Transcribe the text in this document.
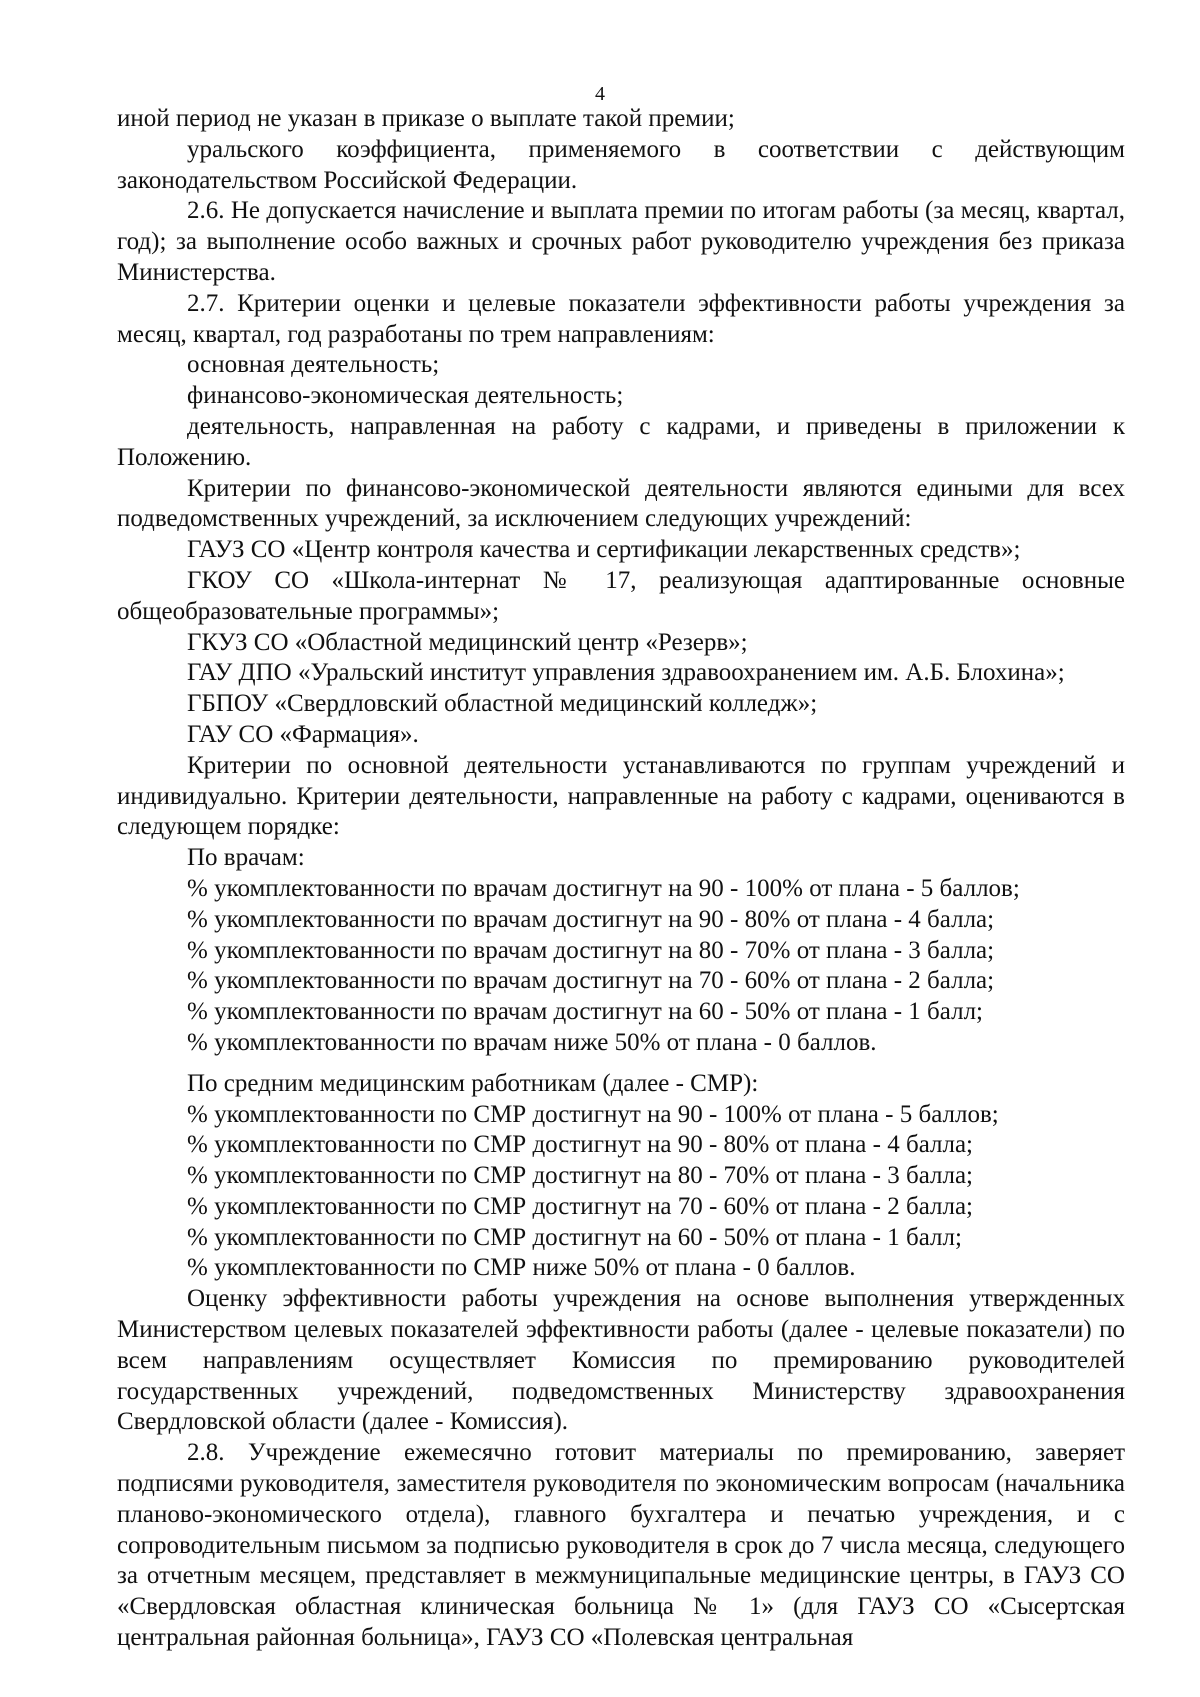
4

иной период не указан в приказе о выплате такой премии;

уральского коэффициента, применяемого в соответствии с действующим законодательством Российской Федерации.

2.6. Не допускается начисление и выплата премии по итогам работы (за месяц, квартал, год); за выполнение особо важных и срочных работ руководителю учреждения без приказа Министерства.

2.7. Критерии оценки и целевые показатели эффективности работы учреждения за месяц, квартал, год разработаны по трем направлениям:

основная деятельность;

финансово-экономическая деятельность;

деятельность, направленная на работу с кадрами, и приведены в приложении к Положению.

Критерии по финансово-экономической деятельности являются едиными для всех подведомственных учреждений, за исключением следующих учреждений:

ГАУЗ СО «Центр контроля качества и сертификации лекарственных средств»;

ГКОУ СО «Школа-интернат № 17, реализующая адаптированные основные общеобразовательные программы»;

ГКУЗ СО «Областной медицинский центр «Резерв»;

ГАУ ДПО «Уральский институт управления здравоохранением им. А.Б. Блохина»;

ГБПОУ «Свердловский областной медицинский колледж»;

ГАУ СО «Фармация».

Критерии по основной деятельности устанавливаются по группам учреждений и индивидуально. Критерии деятельности, направленные на работу с кадрами, оцениваются в следующем порядке:

По врачам:

% укомплектованности по врачам достигнут на 90 - 100% от плана - 5 баллов;

% укомплектованности по врачам достигнут на 90 - 80% от плана - 4 балла;

% укомплектованности по врачам достигнут на 80 - 70% от плана - 3 балла;

% укомплектованности по врачам достигнут на 70 - 60% от плана - 2 балла;

% укомплектованности по врачам достигнут на 60 - 50% от плана - 1 балл;

% укомплектованности по врачам ниже 50% от плана - 0 баллов.

По средним медицинским работникам (далее - СМР):

% укомплектованности по СМР достигнут на 90 - 100% от плана - 5 баллов;

% укомплектованности по СМР достигнут на 90 - 80% от плана - 4 балла;

% укомплектованности по СМР достигнут на 80 - 70% от плана - 3 балла;

% укомплектованности по СМР достигнут на 70 - 60% от плана - 2 балла;

% укомплектованности по СМР достигнут на 60 - 50% от плана - 1 балл;

% укомплектованности по СМР ниже 50% от плана - 0 баллов.

Оценку эффективности работы учреждения на основе выполнения утвержденных Министерством целевых показателей эффективности работы (далее - целевые показатели) по всем направлениям осуществляет Комиссия по премированию руководителей государственных учреждений, подведомственных Министерству здравоохранения Свердловской области (далее - Комиссия).

2.8. Учреждение ежемесячно готовит материалы по премированию, заверяет подписями руководителя, заместителя руководителя по экономическим вопросам (начальника планово-экономического отдела), главного бухгалтера и печатью учреждения, и с сопроводительным письмом за подписью руководителя в срок до 7 числа месяца, следующего за отчетным месяцем, представляет в межмуниципальные медицинские центры, в ГАУЗ СО «Свердловская областная клиническая больница № 1» (для ГАУЗ СО «Сысертская центральная районная больница», ГАУЗ СО «Полевская центральная
